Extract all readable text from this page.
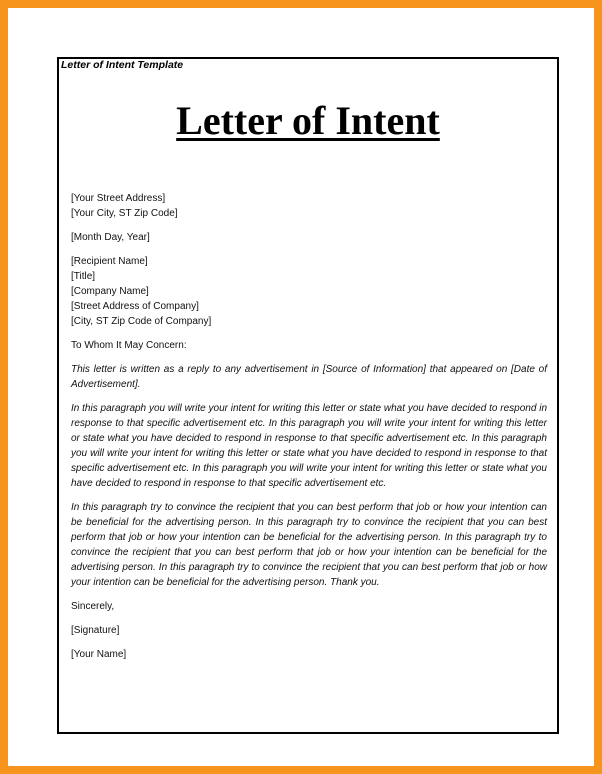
Letter of Intent Template
Letter of Intent
[Your Street Address]
[Your City, ST Zip Code]
[Month Day, Year]
[Recipient Name]
[Title]
[Company Name]
[Street Address of Company]
[City, ST Zip Code of Company]
To Whom It May Concern:
This letter is written as a reply to any advertisement in [Source of Information] that appeared on [Date of Advertisement].
In this paragraph you will write your intent for writing this letter or state what you have decided to respond in response to that specific advertisement etc. In this paragraph you will write your intent for writing this letter or state what you have decided to respond in response to that specific advertisement etc. In this paragraph you will write your intent for writing this letter or state what you have decided to respond in response to that specific advertisement etc. In this paragraph you will write your intent for writing this letter or state what you have decided to respond in response to that specific advertisement etc.
In this paragraph try to convince the recipient that you can best perform that job or how your intention can be beneficial for the advertising person. In this paragraph try to convince the recipient that you can best perform that job or how your intention can be beneficial for the advertising person. In this paragraph try to convince the recipient that you can best perform that job or how your intention can be beneficial for the advertising person. In this paragraph try to convince the recipient that you can best perform that job or how your intention can be beneficial for the advertising person. Thank you.
Sincerely,
[Signature]
[Your Name]
